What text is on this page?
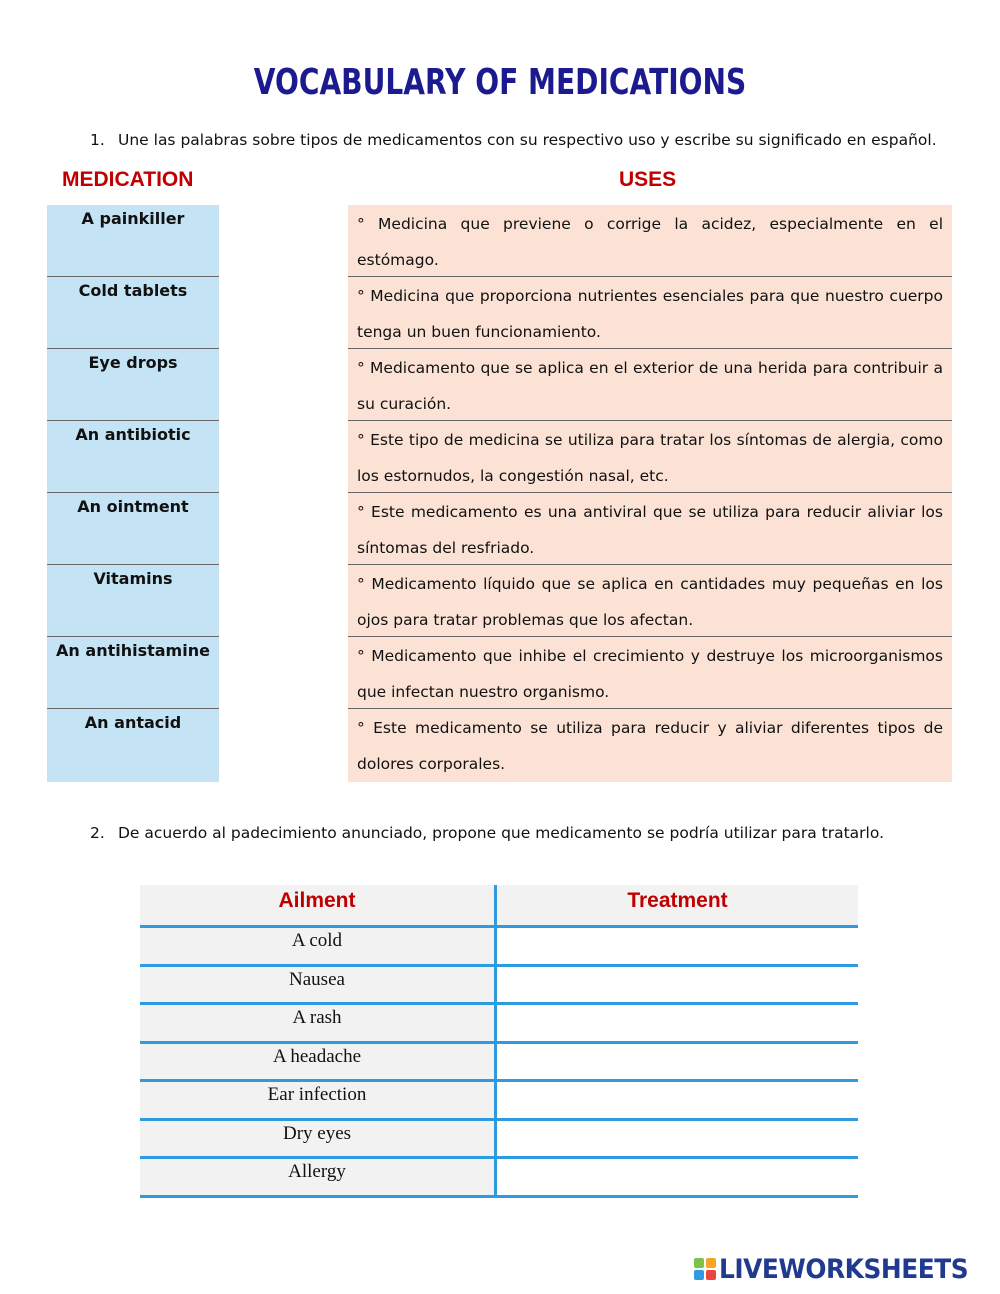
VOCABULARY OF MEDICATIONS
1. Une las palabras sobre tipos de medicamentos con su respectivo uso y escribe su significado en español.
MEDICATION	USES
A painkiller
Cold tablets
Eye drops
An antibiotic
An ointment
Vitamins
An antihistamine
An antacid
° Medicina que previene o corrige la acidez, especialmente en el estómago.
° Medicina que proporciona nutrientes esenciales para que nuestro cuerpo tenga un buen funcionamiento.
° Medicamento que se aplica en el exterior de una herida para contribuir a su curación.
° Este tipo de medicina se utiliza para tratar los síntomas de alergia, como los estornudos, la congestión nasal, etc.
° Este medicamento es una antiviral que se utiliza para reducir aliviar los síntomas del resfriado.
° Medicamento líquido que se aplica en cantidades muy pequeñas en los ojos para tratar problemas que los afectan.
° Medicamento que inhibe el crecimiento y destruye los microorganismos que infectan nuestro organismo.
° Este medicamento se utiliza para reducir y aliviar diferentes tipos de dolores corporales.
2. De acuerdo al padecimiento anunciado, propone que medicamento se podría utilizar para tratarlo.
Ailment	Treatment
A cold
Nausea
A rash
A headache
Ear infection
Dry eyes
Allergy
LIVEWORKSHEETS
